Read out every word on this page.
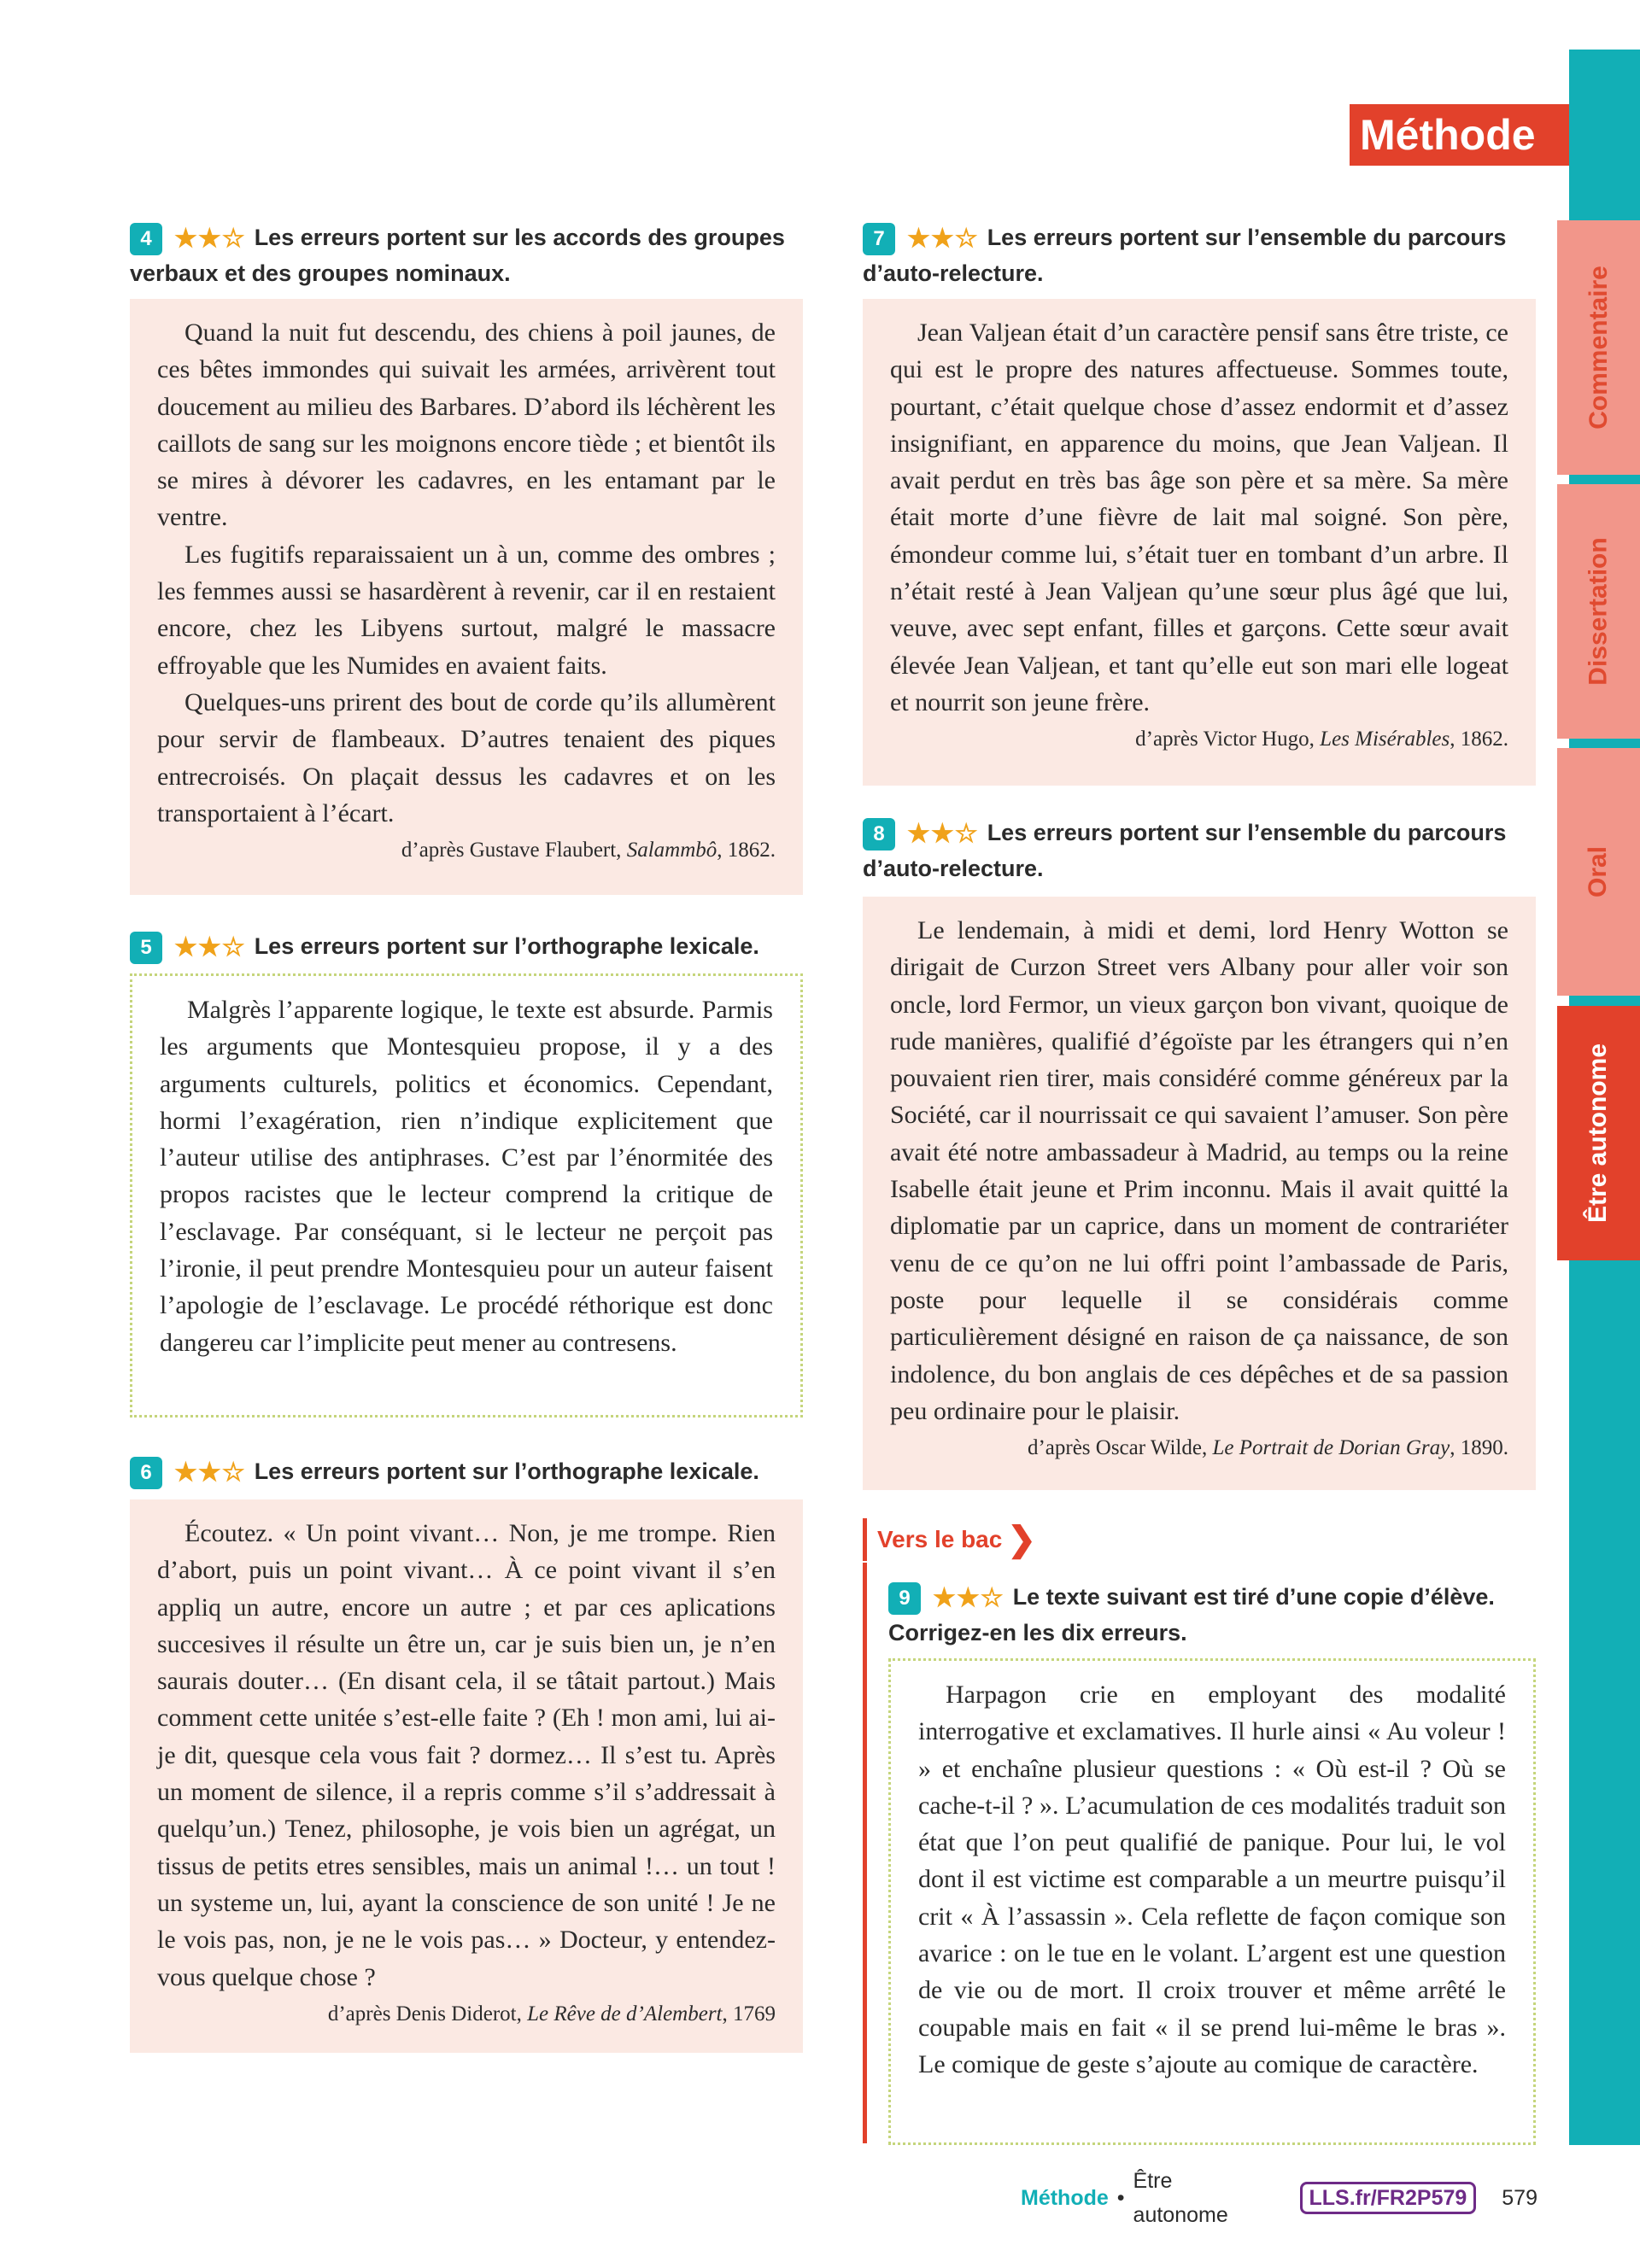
Commentaire
Dissertation
Oral
Être autonome
Méthode
4 ★★☆ Les erreurs portent sur les accords des groupes verbaux et des groupes nominaux.

Quand la nuit fut descendu, des chiens à poil jaunes, de ces bêtes immondes qui suivait les armées, arrivèrent tout doucement au milieu des Barbares. D’abord ils léchèrent les caillots de sang sur les moignons encore tiède ; et bientôt ils se mires à dévorer les cadavres, en les entamant par le ventre.

Les fugitifs reparaissaient un à un, comme des ombres ; les femmes aussi se hasardèrent à revenir, car il en restaient encore, chez les Libyens surtout, malgré le massacre effroyable que les Numides en avaient faits.

Quelques-uns prirent des bout de corde qu’ils allumèrent pour servir de flambeaux. D’autres tenaient des piques entrecroisés. On plaçait dessus les cadavres et on les transportaient à l’écart.

d’après Gustave Flaubert, Salammbô, 1862.
5 ★★☆ Les erreurs portent sur l’orthographe lexicale.

Malgrès l’apparente logique, le texte est absurde. Parmis les arguments que Montesquieu propose, il y a des arguments culturels, politics et économics. Cependant, hormi l’exagération, rien n’indique explicitement que l’auteur utilise des antiphrases. C’est par l’énormitée des propos racistes que le lecteur comprend la critique de l’esclavage. Par conséquant, si le lecteur ne perçoit pas l’ironie, il peut prendre Montesquieu pour un auteur faisent l’apologie de l’esclavage. Le procédé réthorique est donc dangereu car l’implicite peut mener au contresens.

6 ★★☆ Les erreurs portent sur l’orthographe lexicale.

Écoutez. « Un point vivant… Non, je me trompe. Rien d’abort, puis un point vivant… À ce point vivant il s’en appliq un autre, encore un autre ; et par ces aplications succesives il résulte un être un, car je suis bien un, je n’en saurais douter… (En disant cela, il se tâtait partout.) Mais comment cette unitée s’est-elle faite ? (Eh ! mon ami, lui ai-je dit, quesque cela vous fait ? dormez… Il s’est tu. Après un moment de silence, il a repris comme s’il s’addressait à quelqu’un.) Tenez, philosophe, je vois bien un agrégat, un tissus de petits etres sensibles, mais un animal !… un tout ! un systeme un, lui, ayant la conscience de son unité ! Je ne le vois pas, non, je ne le vois pas… » Docteur, y entendez-vous quelque chose ?

d’après Denis Diderot, Le Rêve de d’Alembert, 1769
7 ★★☆ Les erreurs portent sur l’ensemble du parcours d’auto-relecture.

Jean Valjean était d’un caractère pensif sans être triste, ce qui est le propre des natures affectueuse. Sommes toute, pourtant, c’était quelque chose d’assez endormit et d’assez insignifiant, en apparence du moins, que Jean Valjean. Il avait perdut en très bas âge son père et sa mère. Sa mère était morte d’une fièvre de lait mal soigné. Son père, émondeur comme lui, s’était tuer en tombant d’un arbre. Il n’était resté à Jean Valjean qu’une sœur plus âgé que lui, veuve, avec sept enfant, filles et garçons. Cette sœur avait élevée Jean Valjean, et tant qu’elle eut son mari elle logeat et nourrit son jeune frère.

d’après Victor Hugo, Les Misérables, 1862.
8 ★★☆ Les erreurs portent sur l’ensemble du parcours d’auto-relecture.

Le lendemain, à midi et demi, lord Henry Wotton se dirigait de Curzon Street vers Albany pour aller voir son oncle, lord Fermor, un vieux garçon bon vivant, quoique de rude manières, qualifié d’égoïste par les étrangers qui n’en pouvaient rien tirer, mais considéré comme généreux par la Société, car il nourrissait ce qui savaient l’amuser. Son père avait été notre ambassadeur à Madrid, au temps ou la reine Isabelle était jeune et Prim inconnu. Mais il avait quitté la diplomatie par un caprice, dans un moment de contrariéter venu de ce qu’on ne lui offri point l’ambassade de Paris, poste pour lequelle il se considérais comme particulièrement désigné en raison de ça naissance, de son indolence, du bon anglais de ces dépêches et de sa passion peu ordinaire pour le plaisir.

d’après Oscar Wilde, Le Portrait de Dorian Gray, 1890.
Vers le bac ❯
9 ★★☆ Le texte suivant est tiré d’une copie d’élève. Corrigez-en les dix erreurs.

Harpagon crie en employant des modalité interrogative et exclamatives. Il hurle ainsi « Au voleur ! » et enchaîne plusieur questions : « Où est-il ? Où se cache-t-il ? ». L’acumulation de ces modalités traduit son état que l’on peut qualifié de panique. Pour lui, le vol dont il est victime est comparable a un meurtre puisqu’il crit « À l’assassin ». Cela reflette de façon comique son avarice : on le tue en le volant. L’argent est une question de vie ou de mort. Il croix trouver et même arrêté le coupable mais en fait « il se prend lui-même le bras ». Le comique de geste s’ajoute au comique de caractère.

Méthode •
Être autonome
LLS.fr/FR2P579	579
